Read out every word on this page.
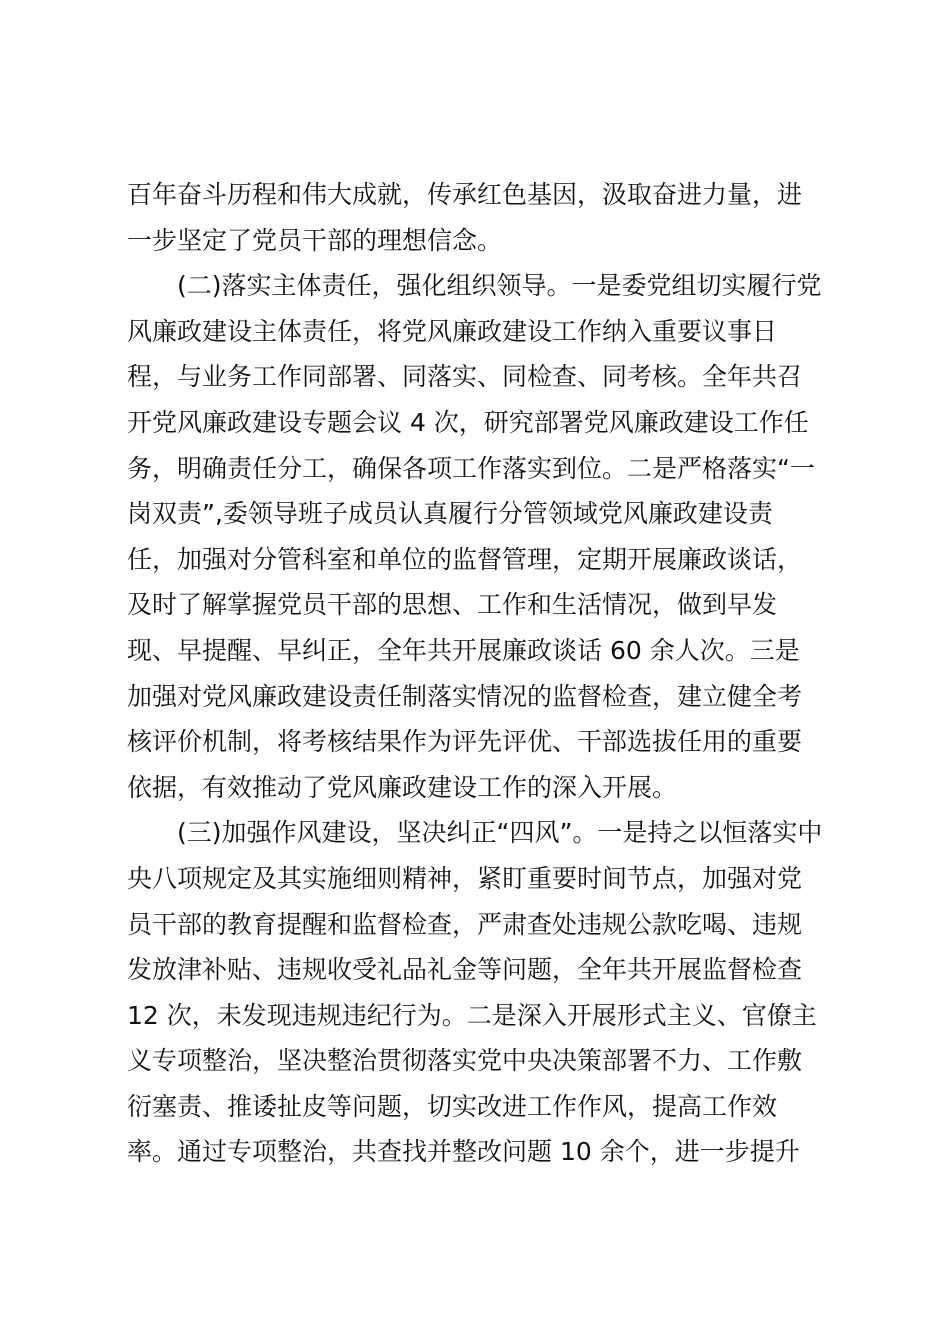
百年奋斗历程和伟大成就，传承红色基因，汲取奋进力量，进
一步坚定了党员干部的理想信念。
(二)落实主体责任，强化组织领导。一是委党组切实履行党
风廉政建设主体责任，将党风廉政建设工作纳入重要议事日
程，与业务工作同部署、同落实、同检查、同考核。全年共召
开党风廉政建设专题会议 4 次，研究部署党风廉政建设工作任
务，明确责任分工，确保各项工作落实到位。二是严格落实“一
岗双责”,委领导班子成员认真履行分管领域党风廉政建设责
任，加强对分管科室和单位的监督管理，定期开展廉政谈话，
及时了解掌握党员干部的思想、工作和生活情况，做到早发
现、早提醒、早纠正，全年共开展廉政谈话 60 余人次。三是
加强对党风廉政建设责任制落实情况的监督检查，建立健全考
核评价机制，将考核结果作为评先评优、干部选拔任用的重要
依据，有效推动了党风廉政建设工作的深入开展。
(三)加强作风建设，坚决纠正“四风”。一是持之以恒落实中
央八项规定及其实施细则精神，紧盯重要时间节点，加强对党
员干部的教育提醒和监督检查，严肃查处违规公款吃喝、违规
发放津补贴、违规收受礼品礼金等问题，全年共开展监督检查
12 次，未发现违规违纪行为。二是深入开展形式主义、官僚主
义专项整治，坚决整治贯彻落实党中央决策部署不力、工作敷
衍塞责、推诿扯皮等问题，切实改进工作作风，提高工作效
率。通过专项整治，共查找并整改问题 10 余个，进一步提升
